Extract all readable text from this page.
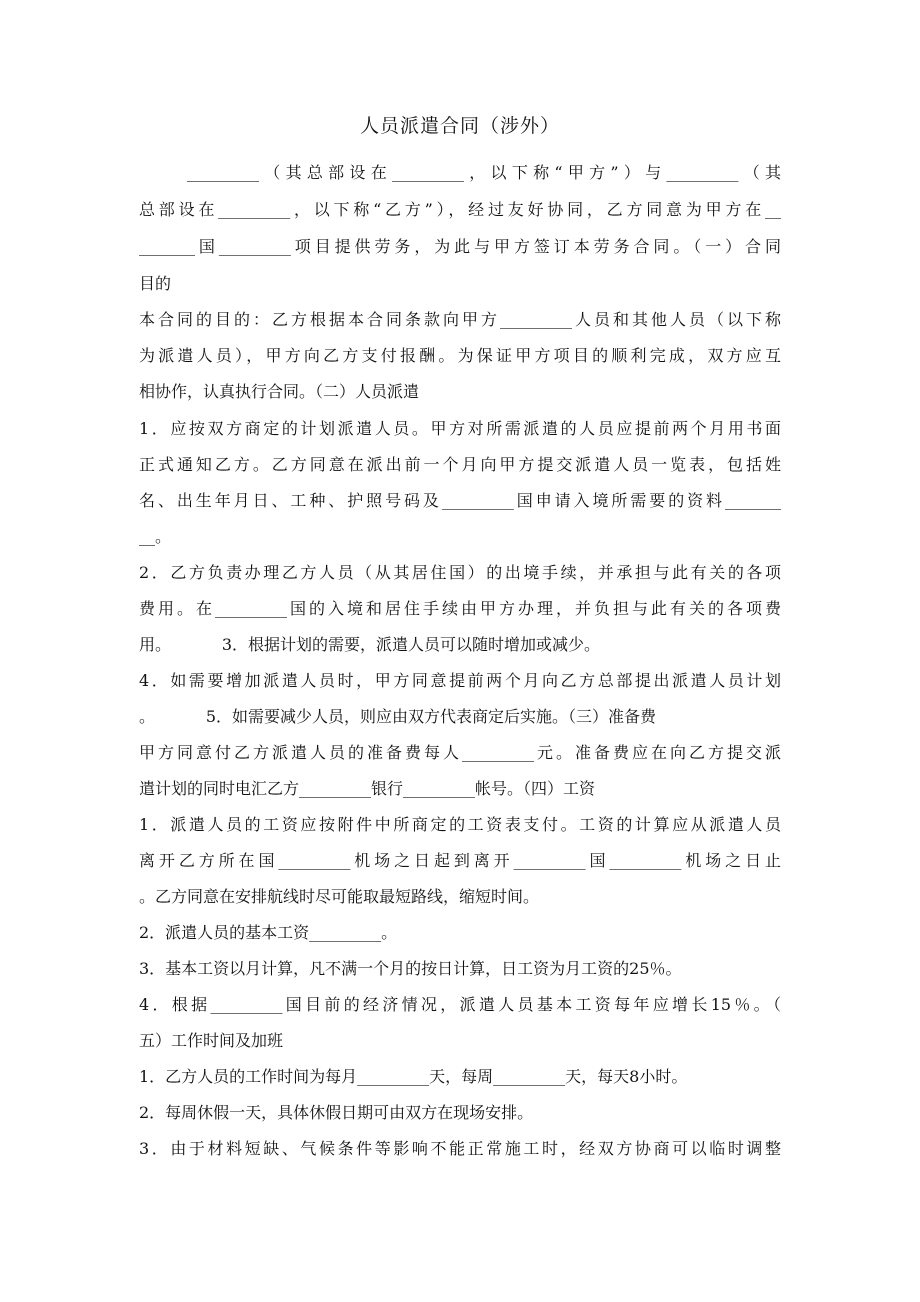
人员派遣合同（涉外）
_________（其总部设在_________，以下称“甲方”）与_________（其
总部设在_________，以下称“乙方”），经过友好协同，乙方同意为甲方在__
_______国_________项目提供劳务，为此与甲方签订本劳务合同。（一）合同
目的
本合同的目的：乙方根据本合同条款向甲方_________人员和其他人员（以下称
为派遣人员），甲方向乙方支付报酬。为保证甲方项目的顺利完成，双方应互
相协作，认真执行合同。（二）人员派遣
1．应按双方商定的计划派遣人员。甲方对所需派遣的人员应提前两个月用书面
正式通知乙方。乙方同意在派出前一个月向甲方提交派遣人员一览表，包括姓
名、出生年月日、工种、护照号码及_________国申请入境所需要的资料_______
__。
2．乙方负责办理乙方人员（从其居住国）的出境手续，并承担与此有关的各项
费用。在_________国的入境和居住手续由甲方办理，并负担与此有关的各项费
用。          3．根据计划的需要，派遣人员可以随时增加或减少。
4．如需要增加派遣人员时，甲方同意提前两个月向乙方总部提出派遣人员计划
。          5．如需要减少人员，则应由双方代表商定后实施。（三）准备费
甲方同意付乙方派遣人员的准备费每人_________元。准备费应在向乙方提交派
遣计划的同时电汇乙方_________银行_________帐号。（四）工资
1．派遣人员的工资应按附件中所商定的工资表支付。工资的计算应从派遣人员
离开乙方所在国_________机场之日起到离开_________国_________机场之日止
。乙方同意在安排航线时尽可能取最短路线，缩短时间。
2．派遣人员的基本工资_________。
3．基本工资以月计算，凡不满一个月的按日计算，日工资为月工资的25％。
4．根据_________国目前的经济情况，派遣人员基本工资每年应增长15％。（
五）工作时间及加班
1．乙方人员的工作时间为每月_________天，每周_________天，每天8小时。
2．每周休假一天，具体休假日期可由双方在现场安排。
3．由于材料短缺、气候条件等影响不能正常施工时，经双方协商可以临时调整
